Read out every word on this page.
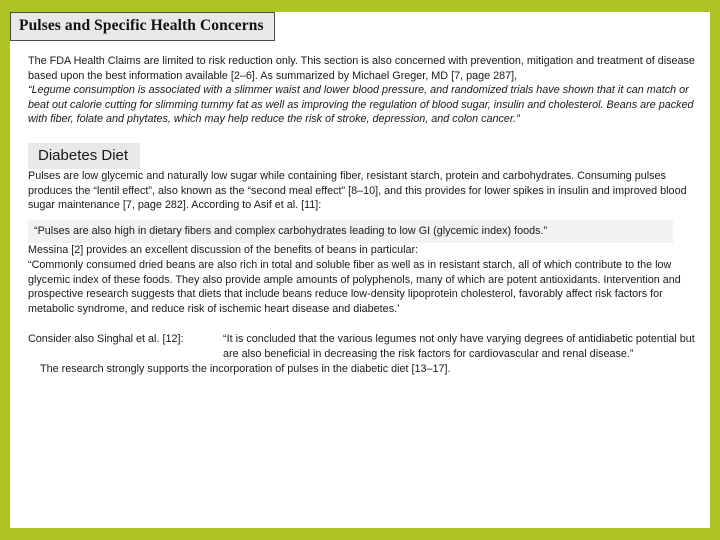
The FDA Health Claims are limited to risk reduction only. This section is also concerned with prevention, mitigation and treatment of disease based upon the best information available [2–6]. As summarized by Michael Greger, MD [7, page 287],

“Legume consumption is associated with a slimmer waist and lower blood pressure, and randomized trials have shown that it can match or beat out calorie cutting for slimming tummy fat as well as improving the regulation of blood sugar, insulin and cholesterol. Beans are packed with fiber, folate and phytates, which may help reduce the risk of stroke, depression, and colon cancer.”

Diabetes Diet

Pulses are low glycemic and naturally low sugar while containing fiber, resistant starch, protein and carbohydrates. Consuming pulses produces the “lentil effect”, also known as the “second meal effect” [8–10], and this provides for lower spikes in insulin and improved blood sugar maintenance [7, page 282]. According to Asif et al. [11]:

“Pulses are also high in dietary fibers and complex carbohydrates leading to low GI (glycemic index) foods.”

Messina [2] provides an excellent discussion of the benefits of beans in particular:

“Commonly consumed dried beans are also rich in total and soluble fiber as well as in resistant starch, all of which contribute to the low glycemic index of these foods. They also provide ample amounts of polyphenols, many of which are potent antioxidants. Intervention and prospective research suggests that diets that include beans reduce low-density lipoprotein cholesterol, favorably affect risk factors for metabolic syndrome, and reduce risk of ischemic heart disease and diabetes.’

Consider also Singhal et al. [12]:	“It is concluded that the various legumes not only have varying degrees of antidiabetic potential but are also beneficial in decreasing the risk factors for cardiovascular and renal disease.”

The research strongly supports the incorporation of pulses in the diabetic diet [13–17].

Pulses and Specific Health Concerns
